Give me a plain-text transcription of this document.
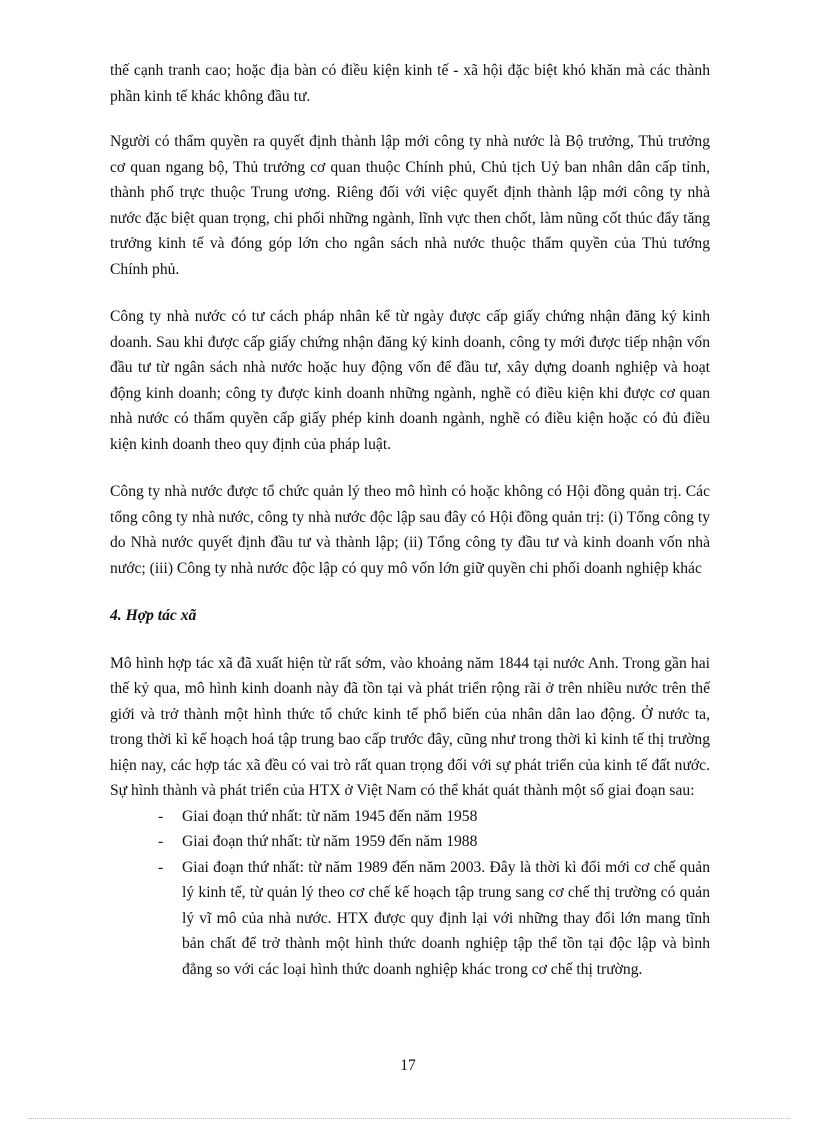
thế cạnh tranh cao; hoặc địa bàn có điều kiện kinh tế - xã hội đặc biệt khó khăn mà các thành phần kinh tế khác không đầu tư.

Người có thẩm quyền ra quyết định thành lập mới công ty nhà nước là Bộ trưởng, Thủ trưởng cơ quan ngang bộ, Thủ trưởng cơ quan thuộc Chính phủ, Chủ tịch Uỷ ban nhân dân cấp tỉnh, thành phố trực thuộc Trung ương. Riêng đối với việc quyết định thành lập mới công ty nhà nước đặc biệt quan trọng, chi phối những ngành, lĩnh vực then chốt, làm nũng cốt thúc đẩy tăng trưởng kinh tế và đóng góp lớn cho ngân sách nhà nước thuộc thẩm quyền của Thủ tướng Chính phủ.

Công ty nhà nước có tư cách pháp nhân kể từ ngày được cấp giấy chứng nhận đăng ký kinh doanh. Sau khi được cấp giấy chứng nhận đăng ký kinh doanh, công ty mới được tiếp nhận vốn đầu tư từ ngân sách nhà nước hoặc huy động vốn để đầu tư, xây dựng doanh nghiệp và hoạt động kinh doanh; công ty được kinh doanh những ngành, nghề có điều kiện khi được cơ quan nhà nước có thẩm quyền cấp giấy phép kinh doanh ngành, nghề có điều kiện hoặc có đủ điều kiện kinh doanh theo quy định của pháp luật.

Công ty nhà nước được tổ chức quản lý theo mô hình có hoặc không có Hội đồng quản trị. Các tổng công ty nhà nước, công ty nhà nước độc lập sau đây có Hội đồng quản trị: (i) Tổng công ty do Nhà nước quyết định đầu tư và thành lập; (ii) Tổng công ty đầu tư và kinh doanh vốn nhà nước; (iii) Công ty nhà nước độc lập có quy mô vốn lớn giữ quyền chi phối doanh nghiệp khác

4. Hợp tác xã

Mô hình hợp tác xã đã xuất hiện từ rất sớm, vào khoảng năm 1844 tại nước Anh. Trong gần hai thế kỷ qua, mô hình kinh doanh này đã tồn tại và phát triển rộng rãi ở trên nhiều nước trên thế giới và trở thành một hình thức tổ chức kinh tế phổ biến của nhân dân lao động. Ở nước ta, trong thời kì kế hoạch hoá tập trung bao cấp trước đây, cũng như trong thời kì kinh tế thị trường hiện nay, các hợp tác xã đều có vai trò rất quan trọng đối với sự phát triển của kinh tế đất nước. Sự hình thành và phát triển của HTX ở Việt Nam có thể khát quát thành một số giai đoạn sau:

- Giai đoạn thứ nhất: từ năm 1945 đến năm 1958
- Giai đoạn thứ nhất: từ năm 1959 đến năm 1988
- Giai đoạn thứ nhất: từ năm 1989 đến năm 2003. Đây là thời kì đổi mới cơ chế quản lý kinh tế, từ quản lý theo cơ chế kế hoạch tập trung sang cơ chế thị trường có quản lý vĩ mô của nhà nước. HTX được quy định lại với những thay đổi lớn mang tĩnh bản chất để trở thành một hình thức doanh nghiệp tập thể tồn tại độc lập và bình đẳng so với các loại hình thức doanh nghiệp khác trong cơ chế thị trường.
17
